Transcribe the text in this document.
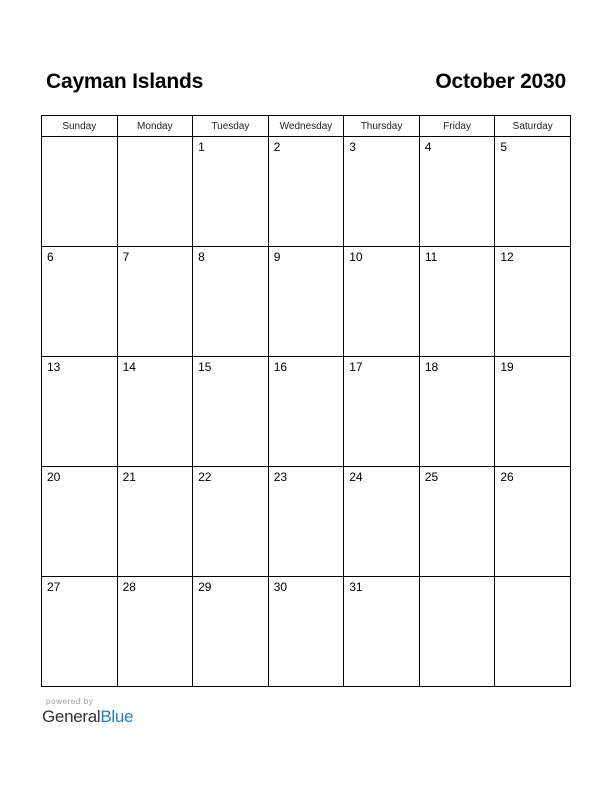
Cayman Islands	October 2030
Sunday	Monday	Tuesday	Wednesday	Thursday	Friday	Saturday

		1	2	3	4	5

6	7	8	9	10	11	12

13	14	15	16	17	18	19

20	21	22	23	24	25	26

27	28	29	30	31		

powered by
GeneralBlue
